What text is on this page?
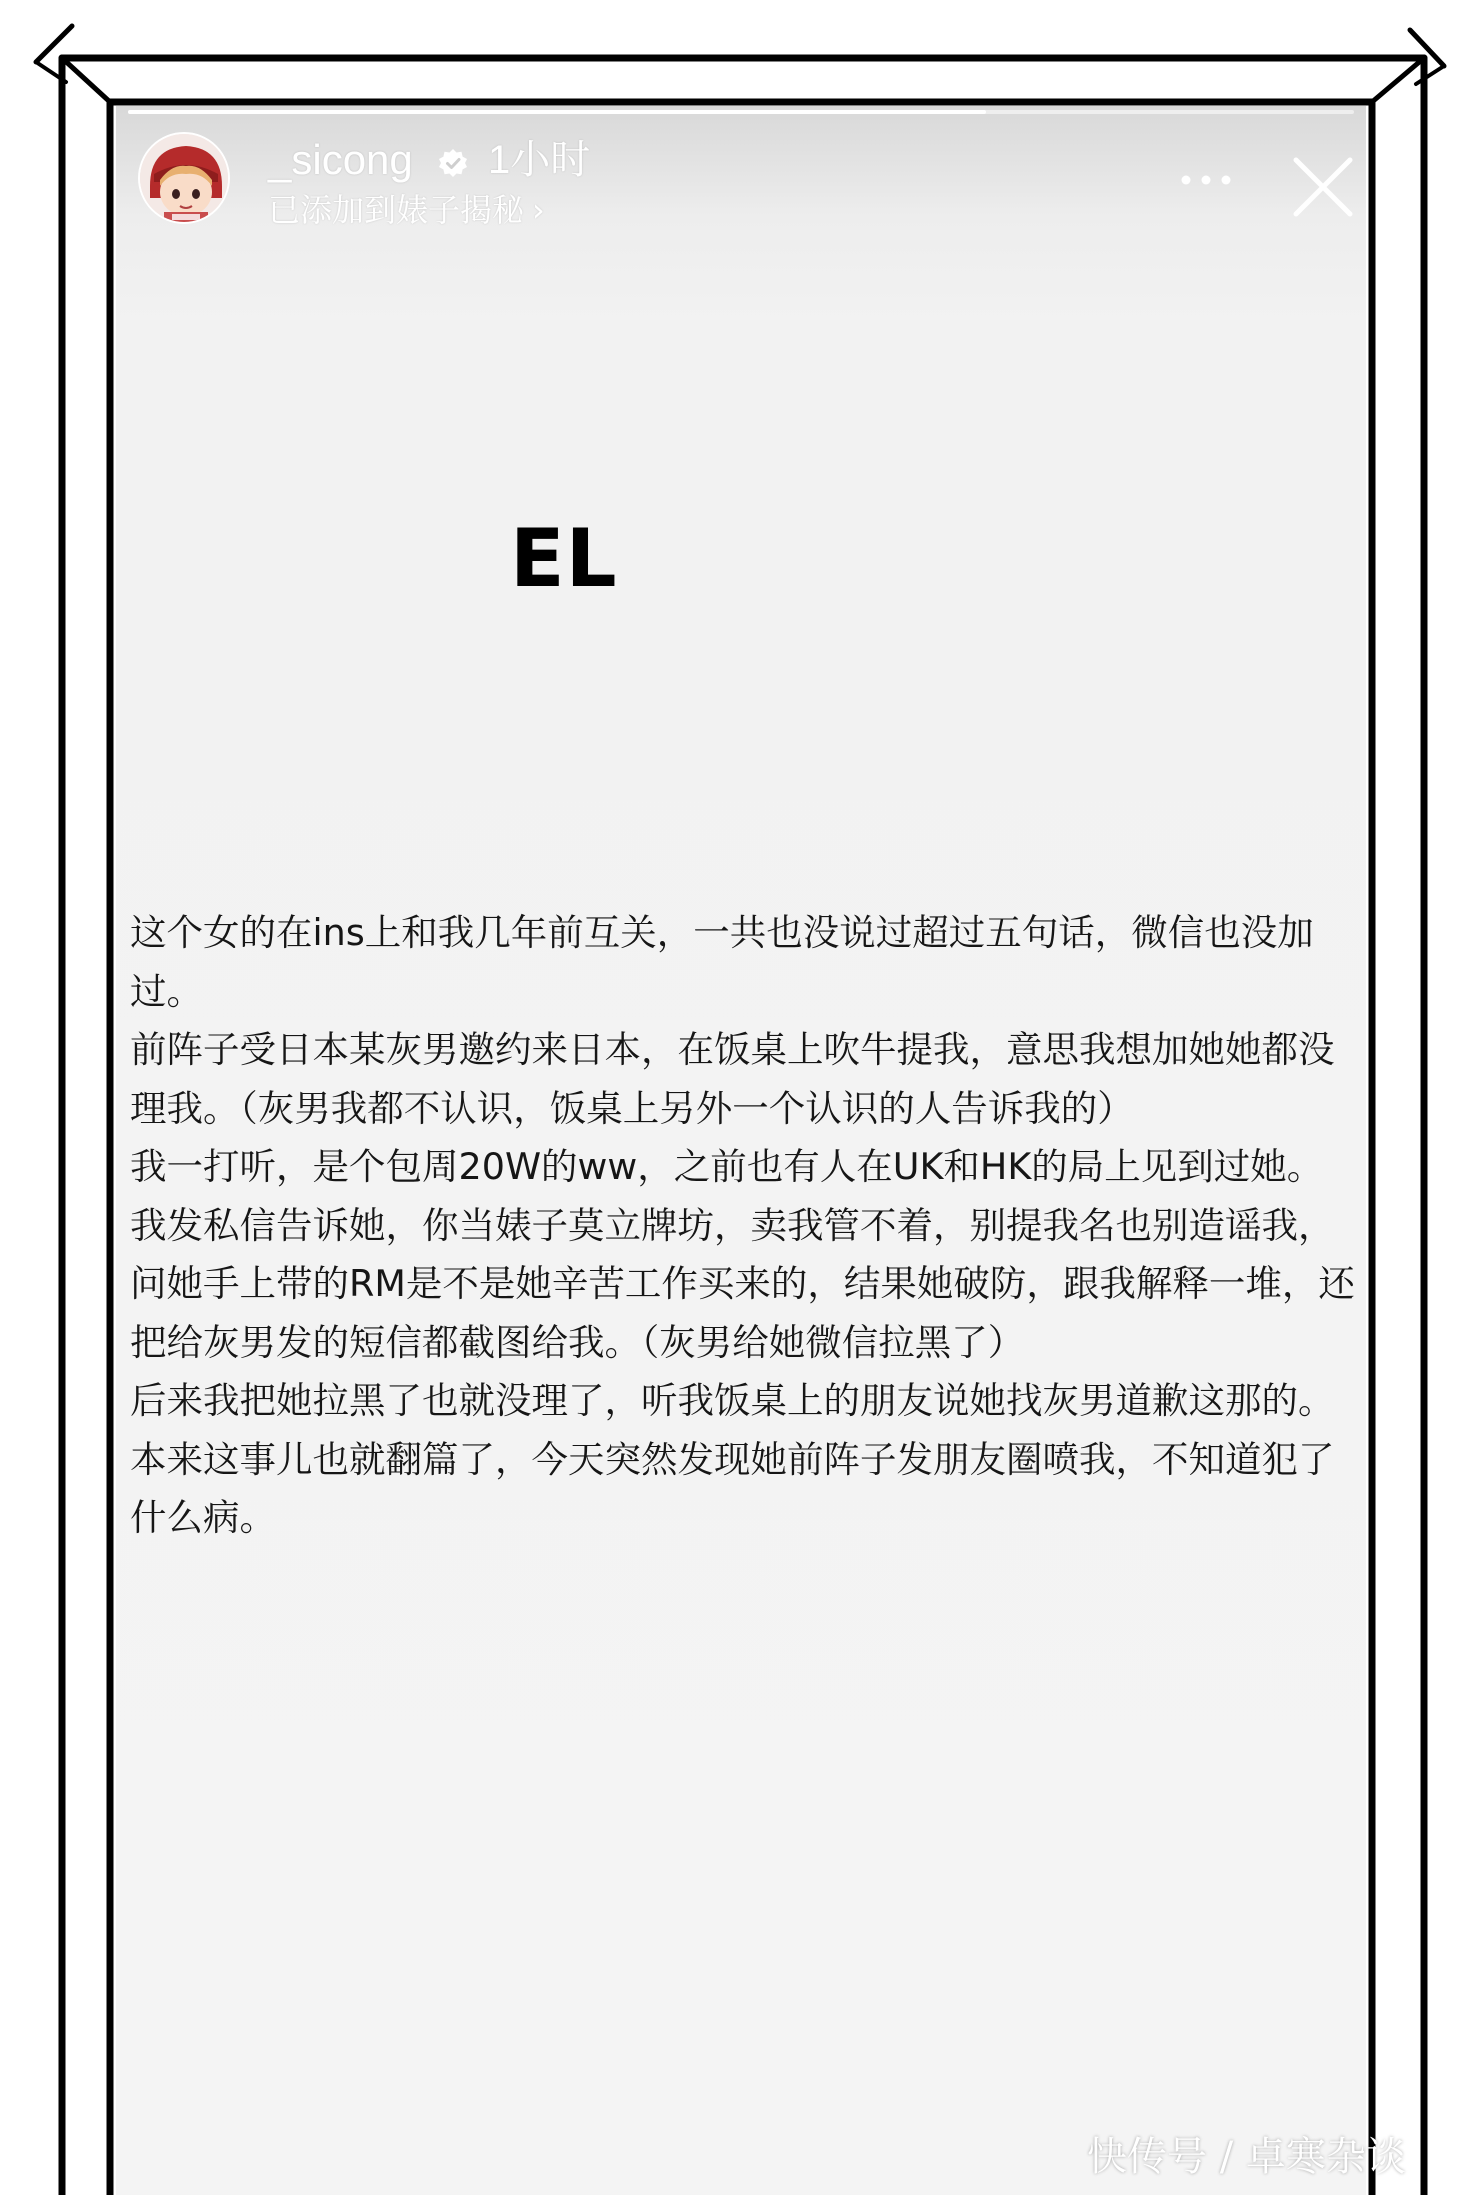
_sicong 1小时
已添加到婊子揭秘 ›
EL

这个女的在ins上和我几年前互关，一共也没说过超过五句话，微信也没加过。

前阵子受日本某灰男邀约来日本，在饭桌上吹牛提我，意思我想加她她都没理我。（灰男我都不认识，饭桌上另外一个认识的人告诉我的）

我一打听，是个包周20W的ww，之前也有人在UK和HK的局上见到过她。

我发私信告诉她，你当婊子莫立牌坊，卖我管不着，别提我名也别造谣我，问她手上带的RM是不是她辛苦工作买来的，结果她破防，跟我解释一堆，还把给灰男发的短信都截图给我。（灰男给她微信拉黑了）

后来我把她拉黑了也就没理了，听我饭桌上的朋友说她找灰男道歉这那的。本来这事儿也就翻篇了，今天突然发现她前阵子发朋友圈喷我，不知道犯了什么病。

快传号 / 卓寒杂谈
